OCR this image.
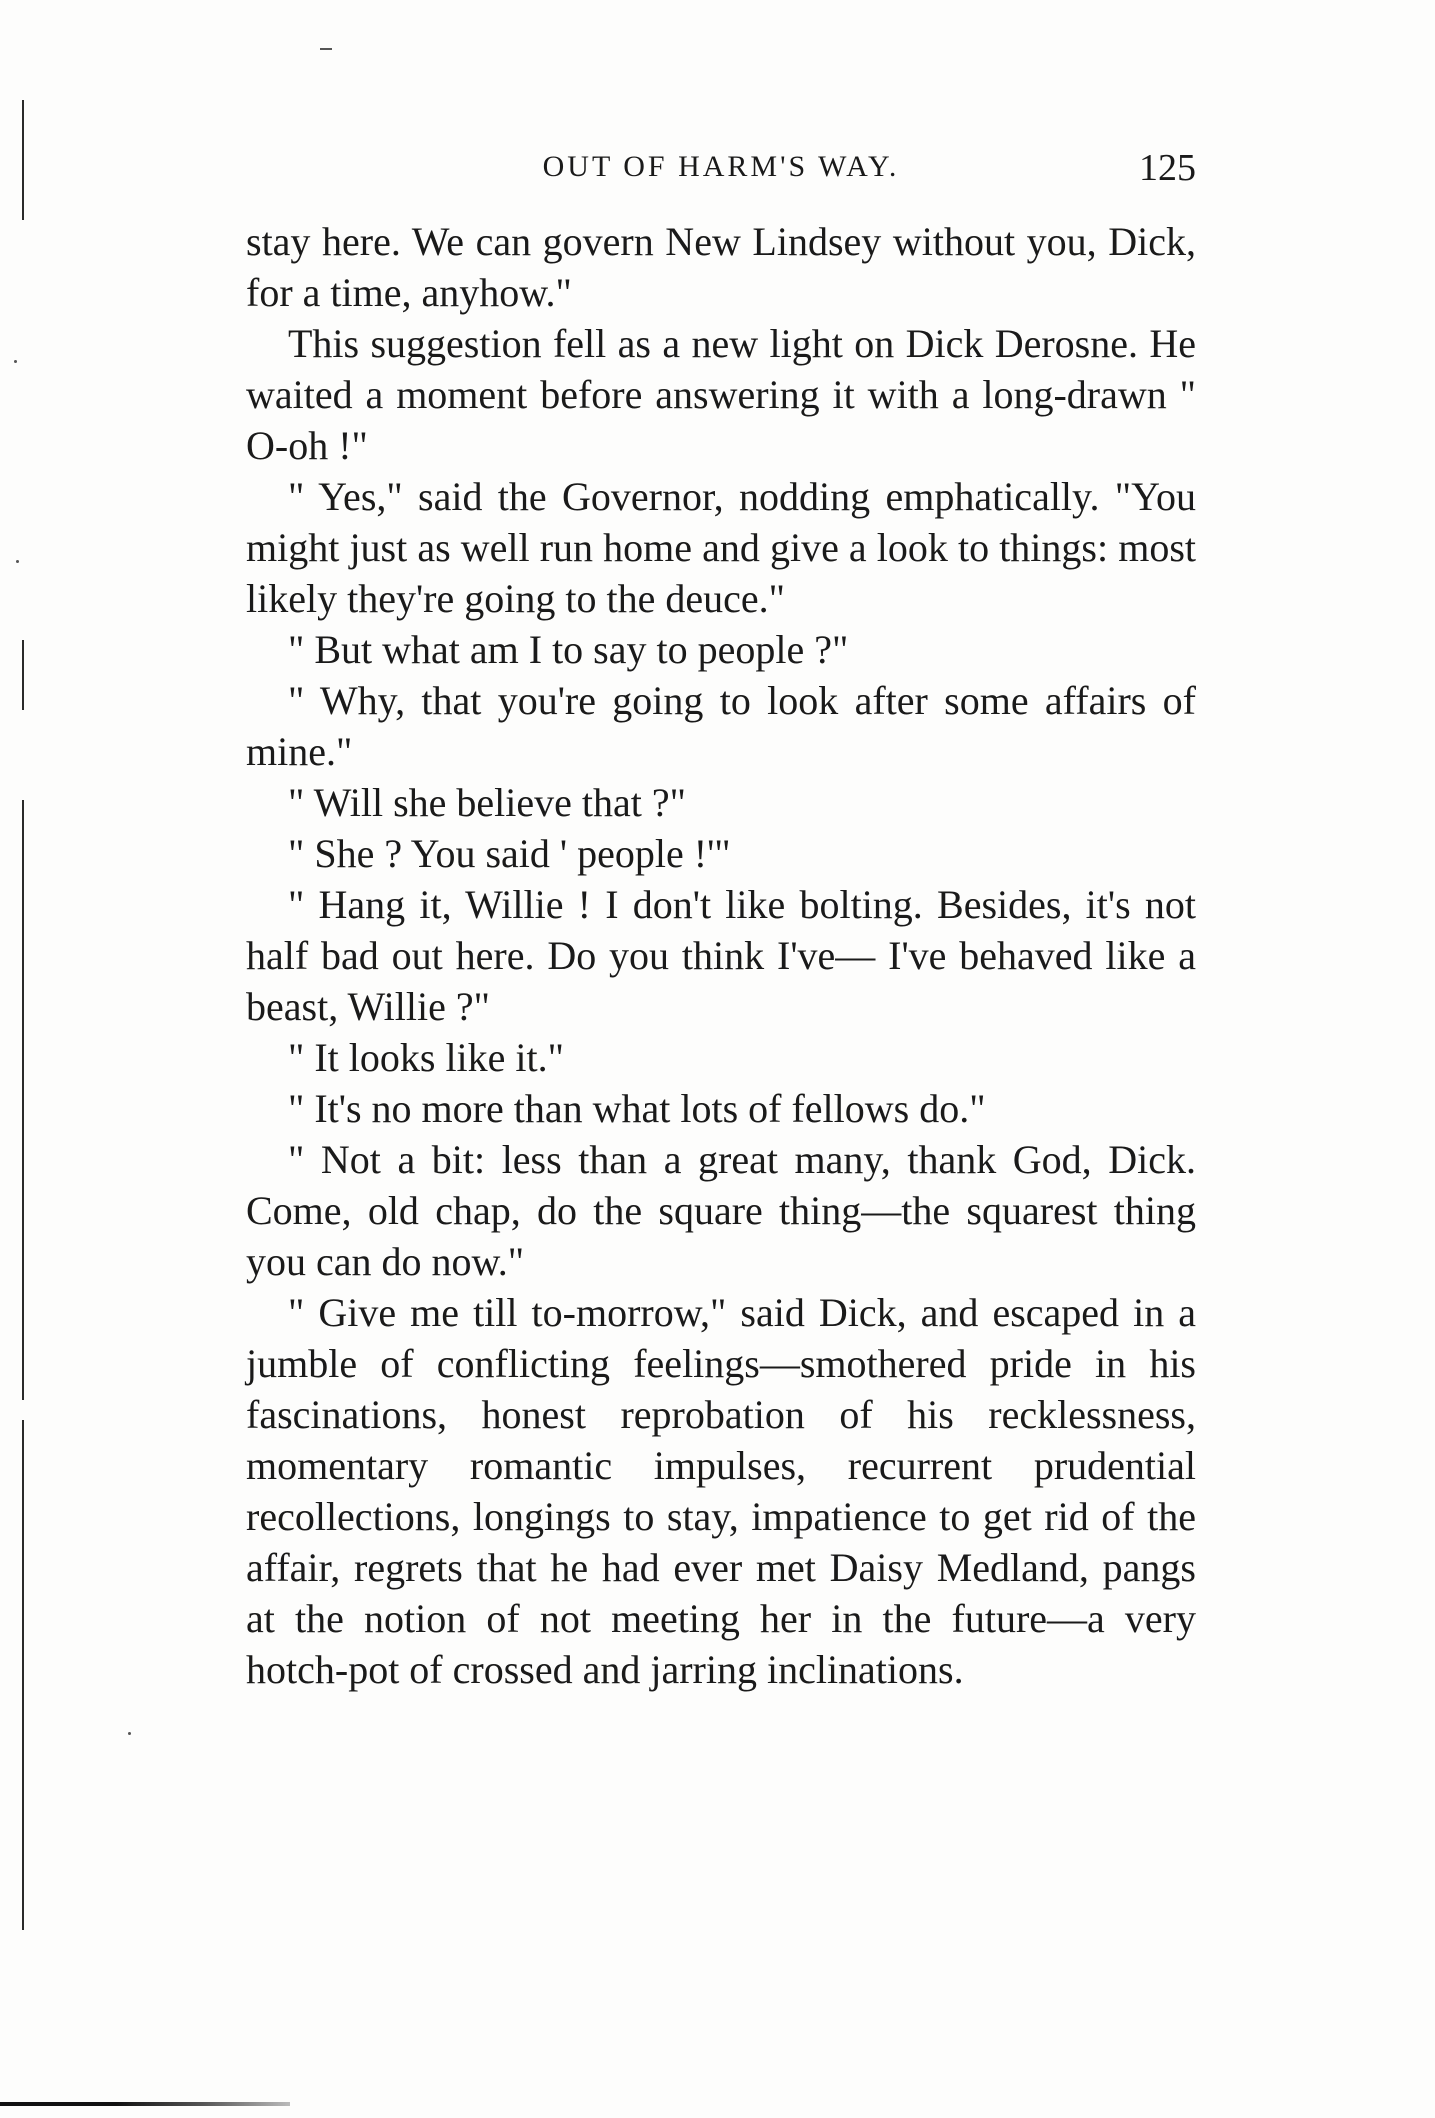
OUT OF HARM'S WAY.	125

stay here. We can govern New Lindsey without you, Dick, for a time, anyhow."

This suggestion fell as a new light on Dick Derosne. He waited a moment before answering it with a long-drawn " O-oh !"

" Yes," said the Governor, nodding emphatically. "You might just as well run home and give a look to things: most likely they're going to the deuce."

" But what am I to say to people ?"

" Why, that you're going to look after some affairs of mine."

" Will she believe that ?"

" She ? You said ' people !'"

" Hang it, Willie ! I don't like bolting. Besides, it's not half bad out here. Do you think I've— I've behaved like a beast, Willie ?"

" It looks like it."

" It's no more than what lots of fellows do."

" Not a bit: less than a great many, thank God, Dick. Come, old chap, do the square thing—the squarest thing you can do now."

" Give me till to-morrow," said Dick, and escaped in a jumble of conflicting feelings—smothered pride in his fascinations, honest reprobation of his recklessness, momentary romantic impulses, recurrent prudential recollections, longings to stay, impatience to get rid of the affair, regrets that he had ever met Daisy Medland, pangs at the notion of not meeting her in the future—a very hotch-pot of crossed and jarring inclinations.
